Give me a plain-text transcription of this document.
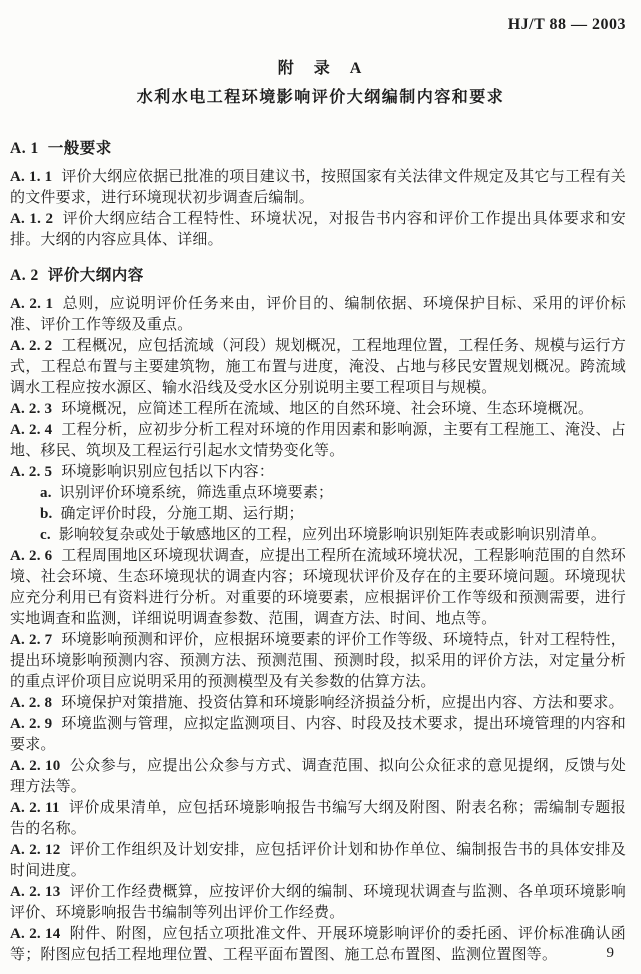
HJ/T 88 — 2003
附　录　A
水利水电工程环境影响评价大纲编制内容和要求

A. 1 一般要求

A. 1. 1 评价大纲应依据已批准的项目建议书，按照国家有关法律文件规定及其它与工程有关的文件要求，进行环境现状初步调查后编制。

A. 1. 2 评价大纲应结合工程特性、环境状况，对报告书内容和评价工作提出具体要求和安排。大纲的内容应具体、详细。

A. 2 评价大纲内容

A. 2. 1 总则，应说明评价任务来由，评价目的、编制依据、环境保护目标、采用的评价标准、评价工作等级及重点。

A. 2. 2 工程概况，应包括流域（河段）规划概况，工程地理位置，工程任务、规模与运行方式，工程总布置与主要建筑物，施工布置与进度，淹没、占地与移民安置规划概况。跨流域调水工程应按水源区、输水沿线及受水区分别说明主要工程项目与规模。

A. 2. 3 环境概况，应简述工程所在流域、地区的自然环境、社会环境、生态环境概况。

A. 2. 4 工程分析，应初步分析工程对环境的作用因素和影响源，主要有工程施工、淹没、占地、移民、筑坝及工程运行引起水文情势变化等。

A. 2. 5 环境影响识别应包括以下内容：

a. 识别评价环境系统，筛选重点环境要素；

b. 确定评价时段，分施工期、运行期；

c. 影响较复杂或处于敏感地区的工程，应列出环境影响识别矩阵表或影响识别清单。

A. 2. 6 工程周围地区环境现状调查，应提出工程所在流域环境状况，工程影响范围的自然环境、社会环境、生态环境现状的调查内容；环境现状评价及存在的主要环境问题。环境现状应充分利用已有资料进行分析。对重要的环境要素，应根据评价工作等级和预测需要，进行实地调查和监测，详细说明调查参数、范围，调查方法、时间、地点等。

A. 2. 7 环境影响预测和评价，应根据环境要素的评价工作等级、环境特点，针对工程特性，提出环境影响预测内容、预测方法、预测范围、预测时段，拟采用的评价方法，对定量分析的重点评价项目应说明采用的预测模型及有关参数的估算方法。

A. 2. 8 环境保护对策措施、投资估算和环境影响经济损益分析，应提出内容、方法和要求。

A. 2. 9 环境监测与管理，应拟定监测项目、内容、时段及技术要求，提出环境管理的内容和要求。

A. 2. 10 公众参与，应提出公众参与方式、调查范围、拟向公众征求的意见提纲，反馈与处理方法等。

A. 2. 11 评价成果清单，应包括环境影响报告书编写大纲及附图、附表名称；需编制专题报告的名称。

A. 2. 12 评价工作组织及计划安排，应包括评价计划和协作单位、编制报告书的具体安排及时间进度。

A. 2. 13 评价工作经费概算，应按评价大纲的编制、环境现状调查与监测、各单项环境影响评价、环境影响报告书编制等列出评价工作经费。

A. 2. 14 附件、附图，应包括立项批准文件、开展环境影响评价的委托函、评价标准确认函等；附图应包括工程地理位置、工程平面布置图、施工总布置图、监测位置图等。	9
